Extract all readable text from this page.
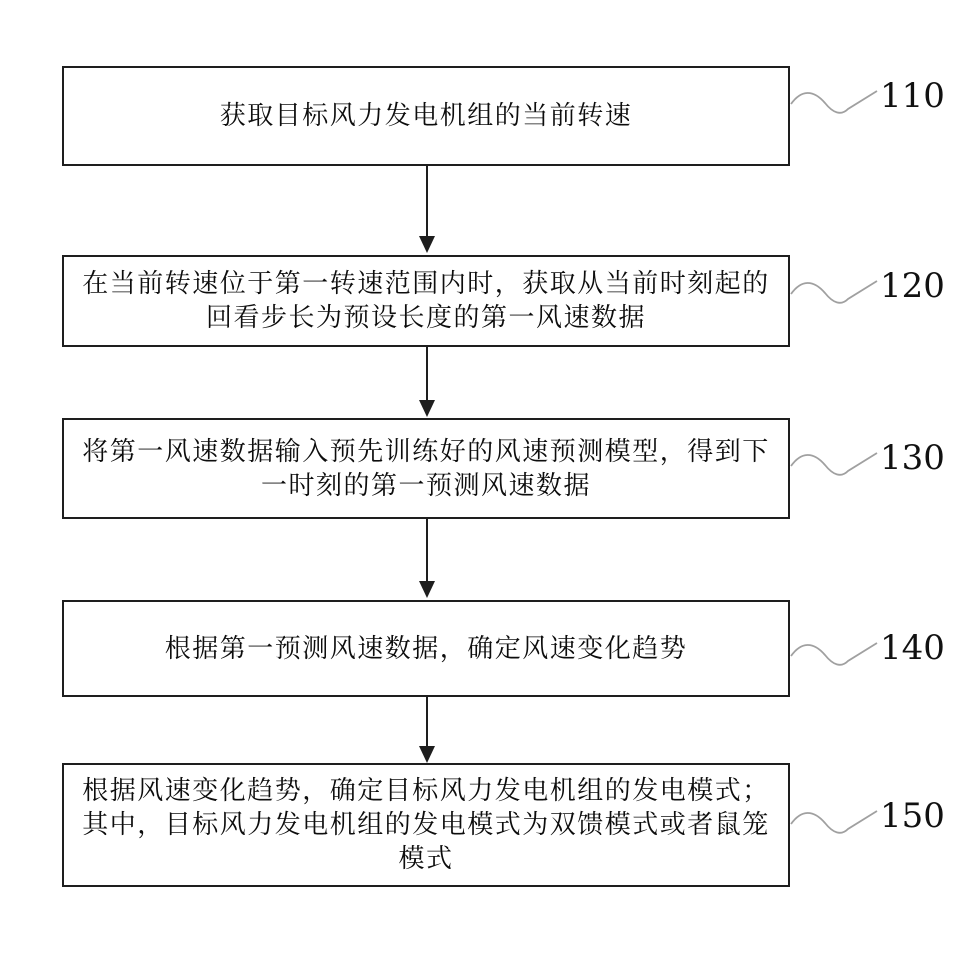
获取目标风力发电机组的当前转速	110
在当前转速位于第一转速范围内时，获取从当前时刻起的
回看步长为预设长度的第一风速数据
120
将第一风速数据输入预先训练好的风速预测模型，得到下
一时刻的第一预测风速数据
130
根据第一预测风速数据，确定风速变化趋势	140
根据风速变化趋势，确定目标风力发电机组的发电模式；
其中，目标风力发电机组的发电模式为双馈模式或者鼠笼
模式
150
